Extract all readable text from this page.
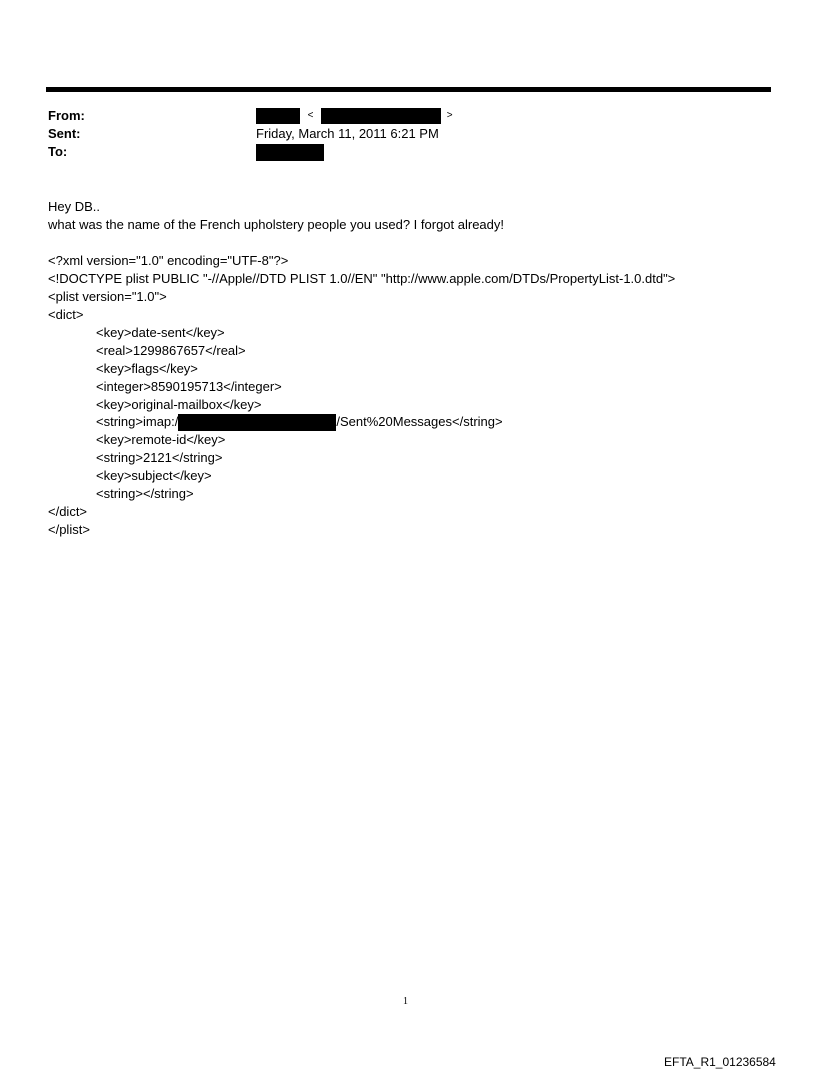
From:	<	>
Sent:	Friday, March 11, 2011 6:21 PM
To:
Hey DB..
what was the name of the French upholstery people you used? I forgot already!
<?xml version="1.0" encoding="UTF-8"?>
<!DOCTYPE plist PUBLIC "-//Apple//DTD PLIST 1.0//EN" "http://www.apple.com/DTDs/PropertyList-1.0.dtd">
<plist version="1.0">
<dict>
<key>date-sent</key>
<real>1299867657</real>
<key>flags</key>
<integer>8590195713</integer>
<key>original-mailbox</key>
<string>imap:/	/Sent%20Messages</string>
<key>remote-id</key>
<string>2121</string>
<key>subject</key>
<string></string>
</dict>
</plist>
1
EFTA_R1_01236584
